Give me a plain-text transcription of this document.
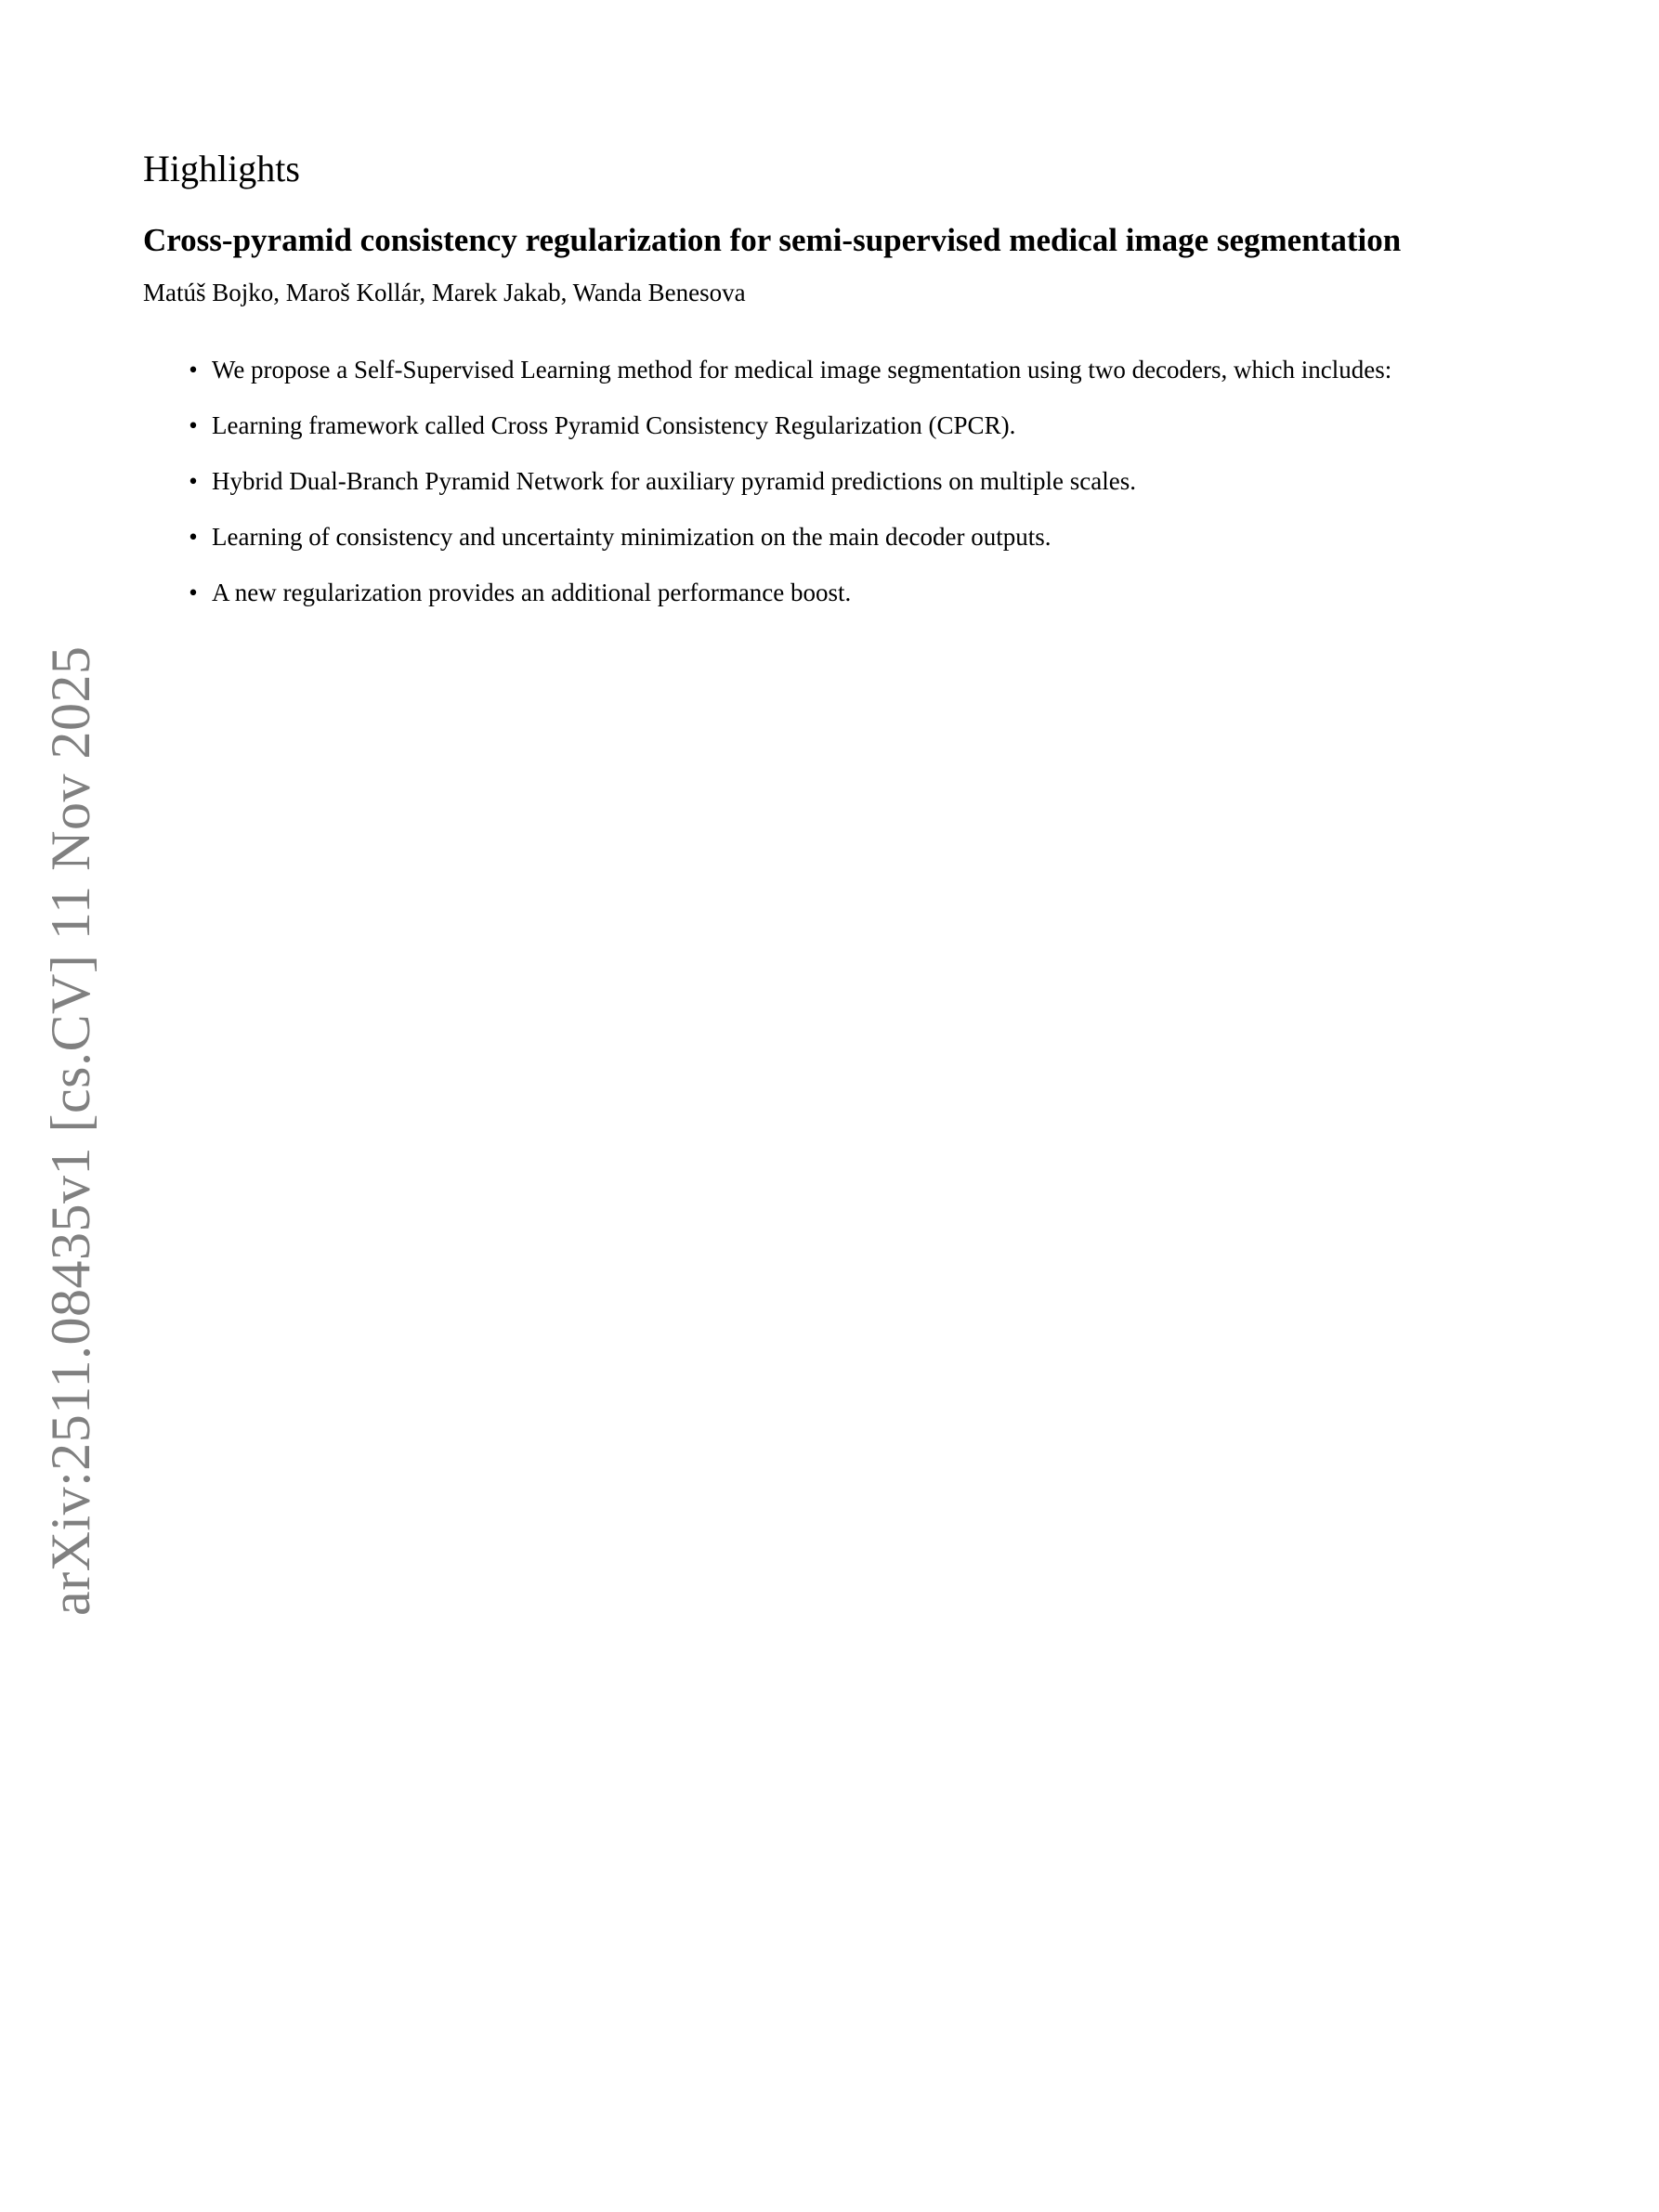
arXiv:2511.08435v1 [cs.CV] 11 Nov 2025
Highlights
Cross-pyramid consistency regularization for semi-supervised medical image segmentation
Matúš Bojko, Maroš Kollár, Marek Jakab, Wanda Benesova
• We propose a Self-Supervised Learning method for medical image segmentation using two decoders, which includes:
• Learning framework called Cross Pyramid Consistency Regularization (CPCR).
• Hybrid Dual-Branch Pyramid Network for auxiliary pyramid predictions on multiple scales.
• Learning of consistency and uncertainty minimization on the main decoder outputs.
• A new regularization provides an additional performance boost.
